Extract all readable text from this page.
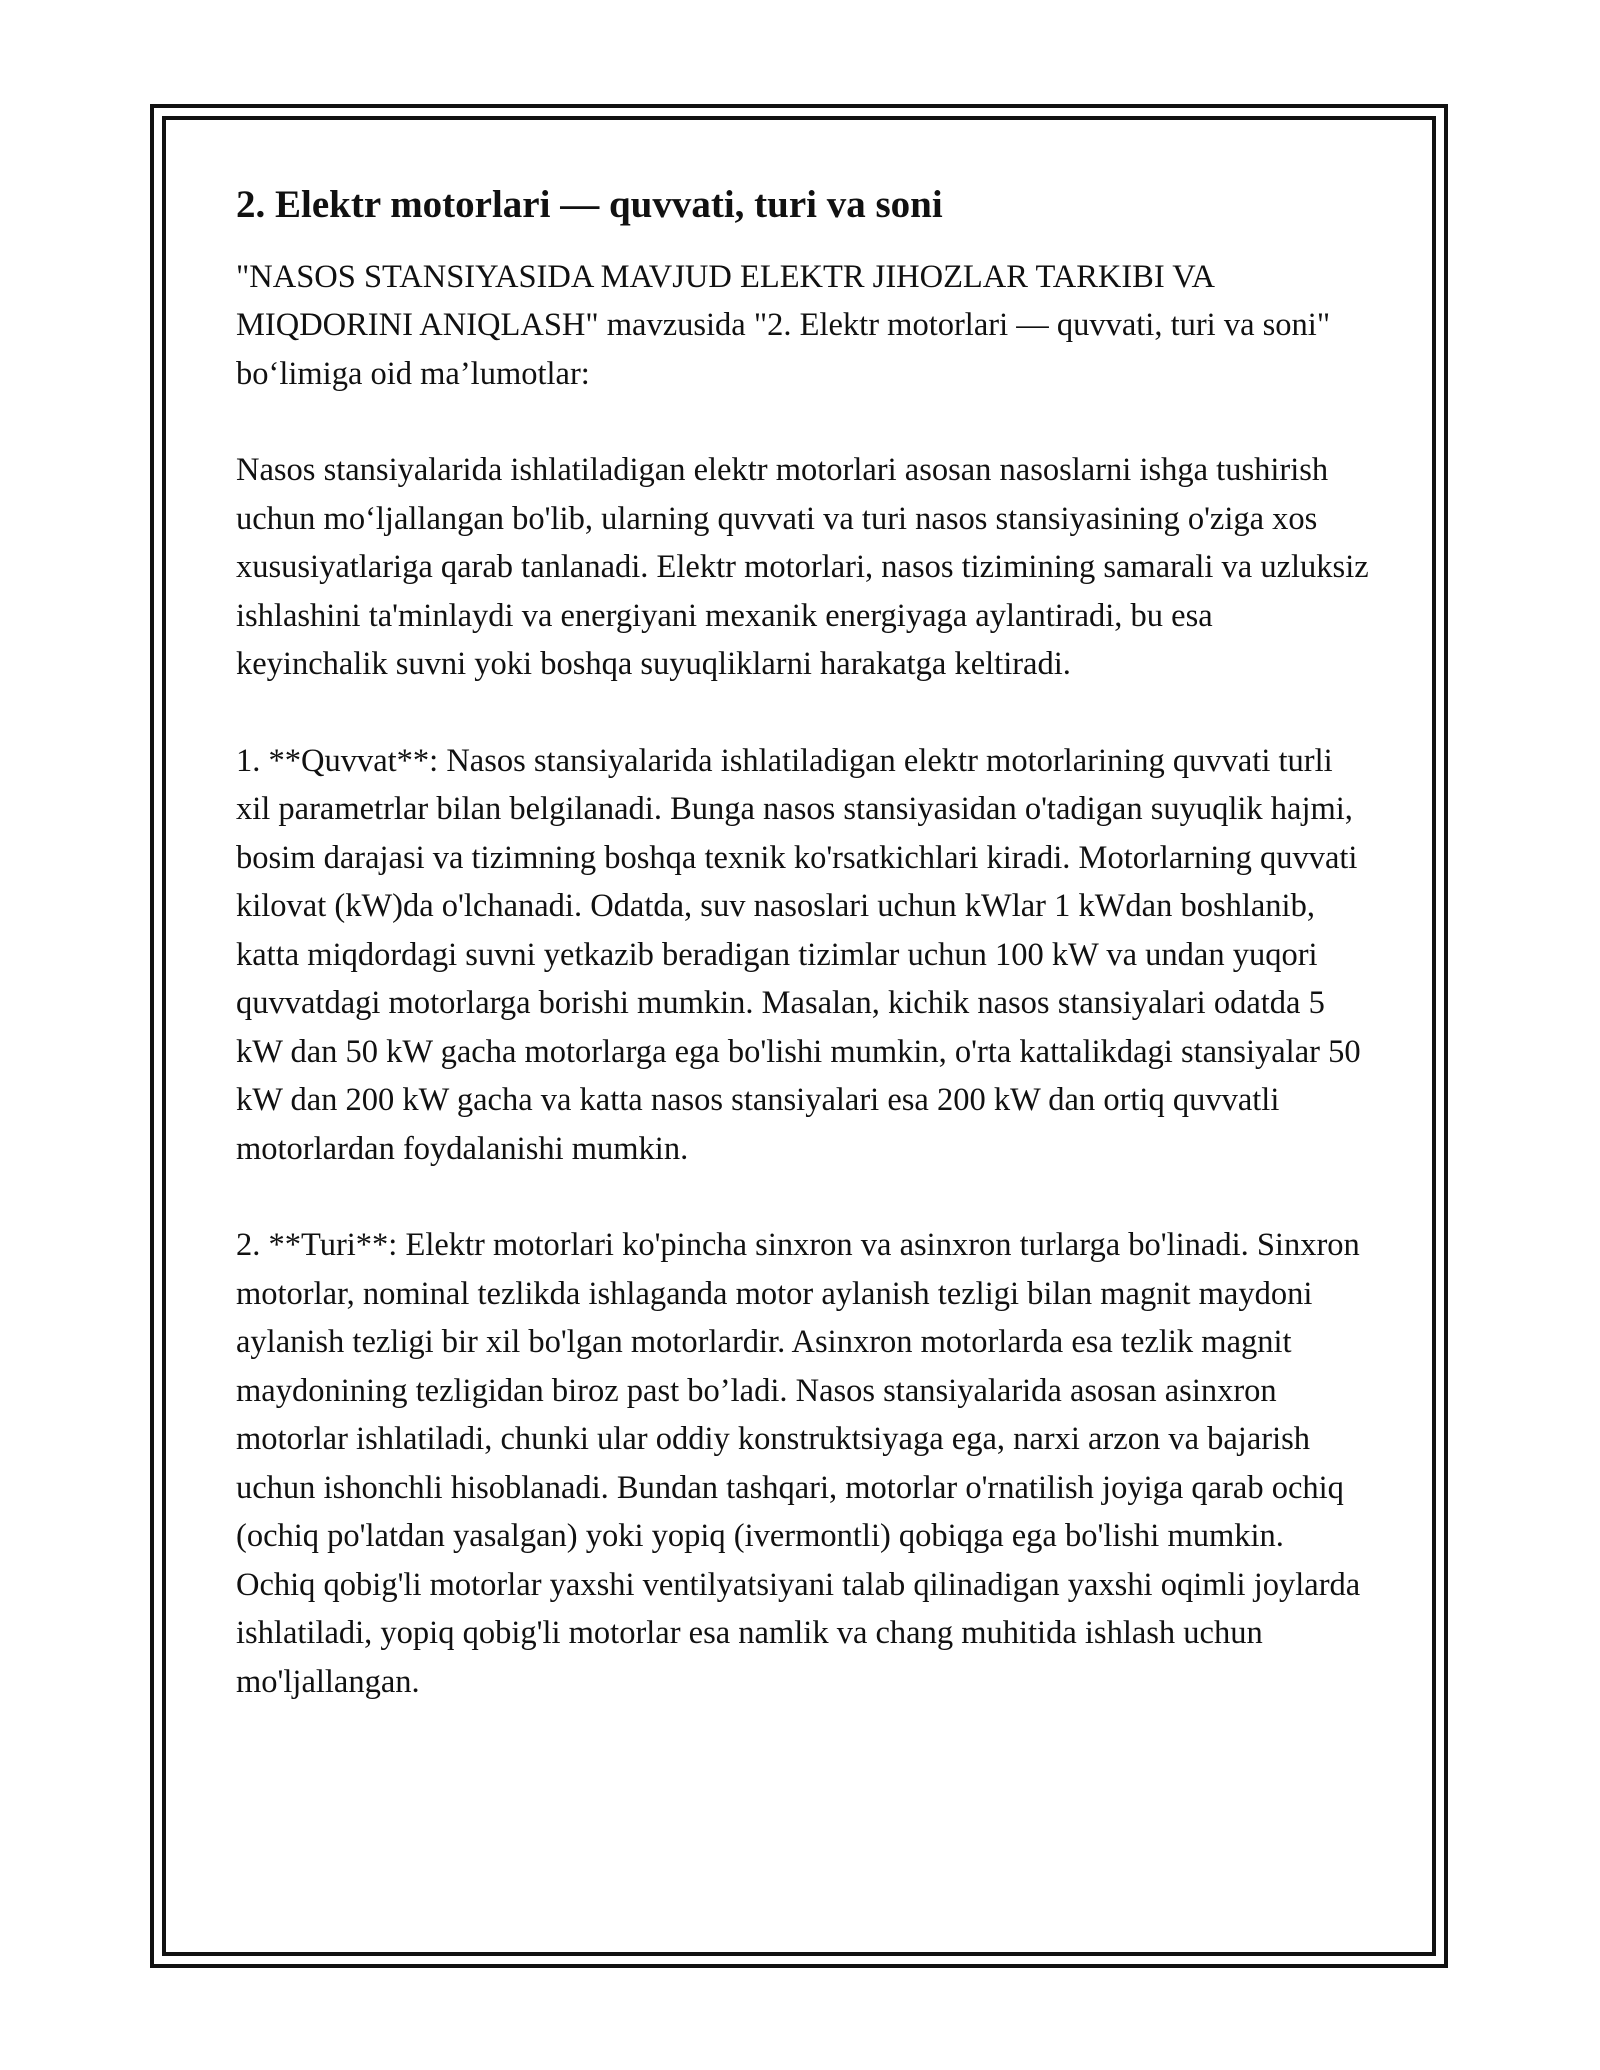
2. Elektr motorlari — quvvati, turi va soni

"NASOS STANSIYASIDA MAVJUD ELEKTR JIHOZLAR TARKIBI VA MIQDORINI ANIQLASH" mavzusida "2. Elektr motorlari — quvvati, turi va soni" bo‘limiga oid ma’lumotlar:

Nasos stansiyalarida ishlatiladigan elektr motorlari asosan nasoslarni ishga tushirish uchun mo‘ljallangan bo'lib, ularning quvvati va turi nasos stansiyasining o'ziga xos xususiyatlariga qarab tanlanadi. Elektr motorlari, nasos tizimining samarali va uzluksiz ishlashini ta'minlaydi va energiyani mexanik energiyaga aylantiradi, bu esa keyinchalik suvni yoki boshqa suyuqliklarni harakatga keltiradi.

1. **Quvvat**: Nasos stansiyalarida ishlatiladigan elektr motorlarining quvvati turli xil parametrlar bilan belgilanadi. Bunga nasos stansiyasidan o'tadigan suyuqlik hajmi, bosim darajasi va tizimning boshqa texnik ko'rsatkichlari kiradi. Motorlarning quvvati kilovat (kW)da o'lchanadi. Odatda, suv nasoslari uchun kWlar 1 kWdan boshlanib, katta miqdordagi suvni yetkazib beradigan tizimlar uchun 100 kW va undan yuqori quvvatdagi motorlarga borishi mumkin. Masalan, kichik nasos stansiyalari odatda 5 kW dan 50 kW gacha motorlarga ega bo'lishi mumkin, o'rta kattalikdagi stansiyalar 50 kW dan 200 kW gacha va katta nasos stansiyalari esa 200 kW dan ortiq quvvatli motorlardan foydalanishi mumkin.

2. **Turi**: Elektr motorlari ko'pincha sinxron va asinxron turlarga bo'linadi. Sinxron motorlar, nominal tezlikda ishlaganda motor aylanish tezligi bilan magnit maydoni aylanish tezligi bir xil bo'lgan motorlardir. Asinxron motorlarda esa tezlik magnit maydonining tezligidan biroz past bo’ladi. Nasos stansiyalarida asosan asinxron motorlar ishlatiladi, chunki ular oddiy konstruktsiyaga ega, narxi arzon va bajarish uchun ishonchli hisoblanadi. Bundan tashqari, motorlar o'rnatilish joyiga qarab ochiq (ochiq po'latdan yasalgan) yoki yopiq (ivermontli) qobiqga ega bo'lishi mumkin. Ochiq qobig'li motorlar yaxshi ventilyatsiyani talab qilinadigan yaxshi oqimli joylarda ishlatiladi, yopiq qobig'li motorlar esa namlik va chang muhitida ishlash uchun mo'ljallangan.
